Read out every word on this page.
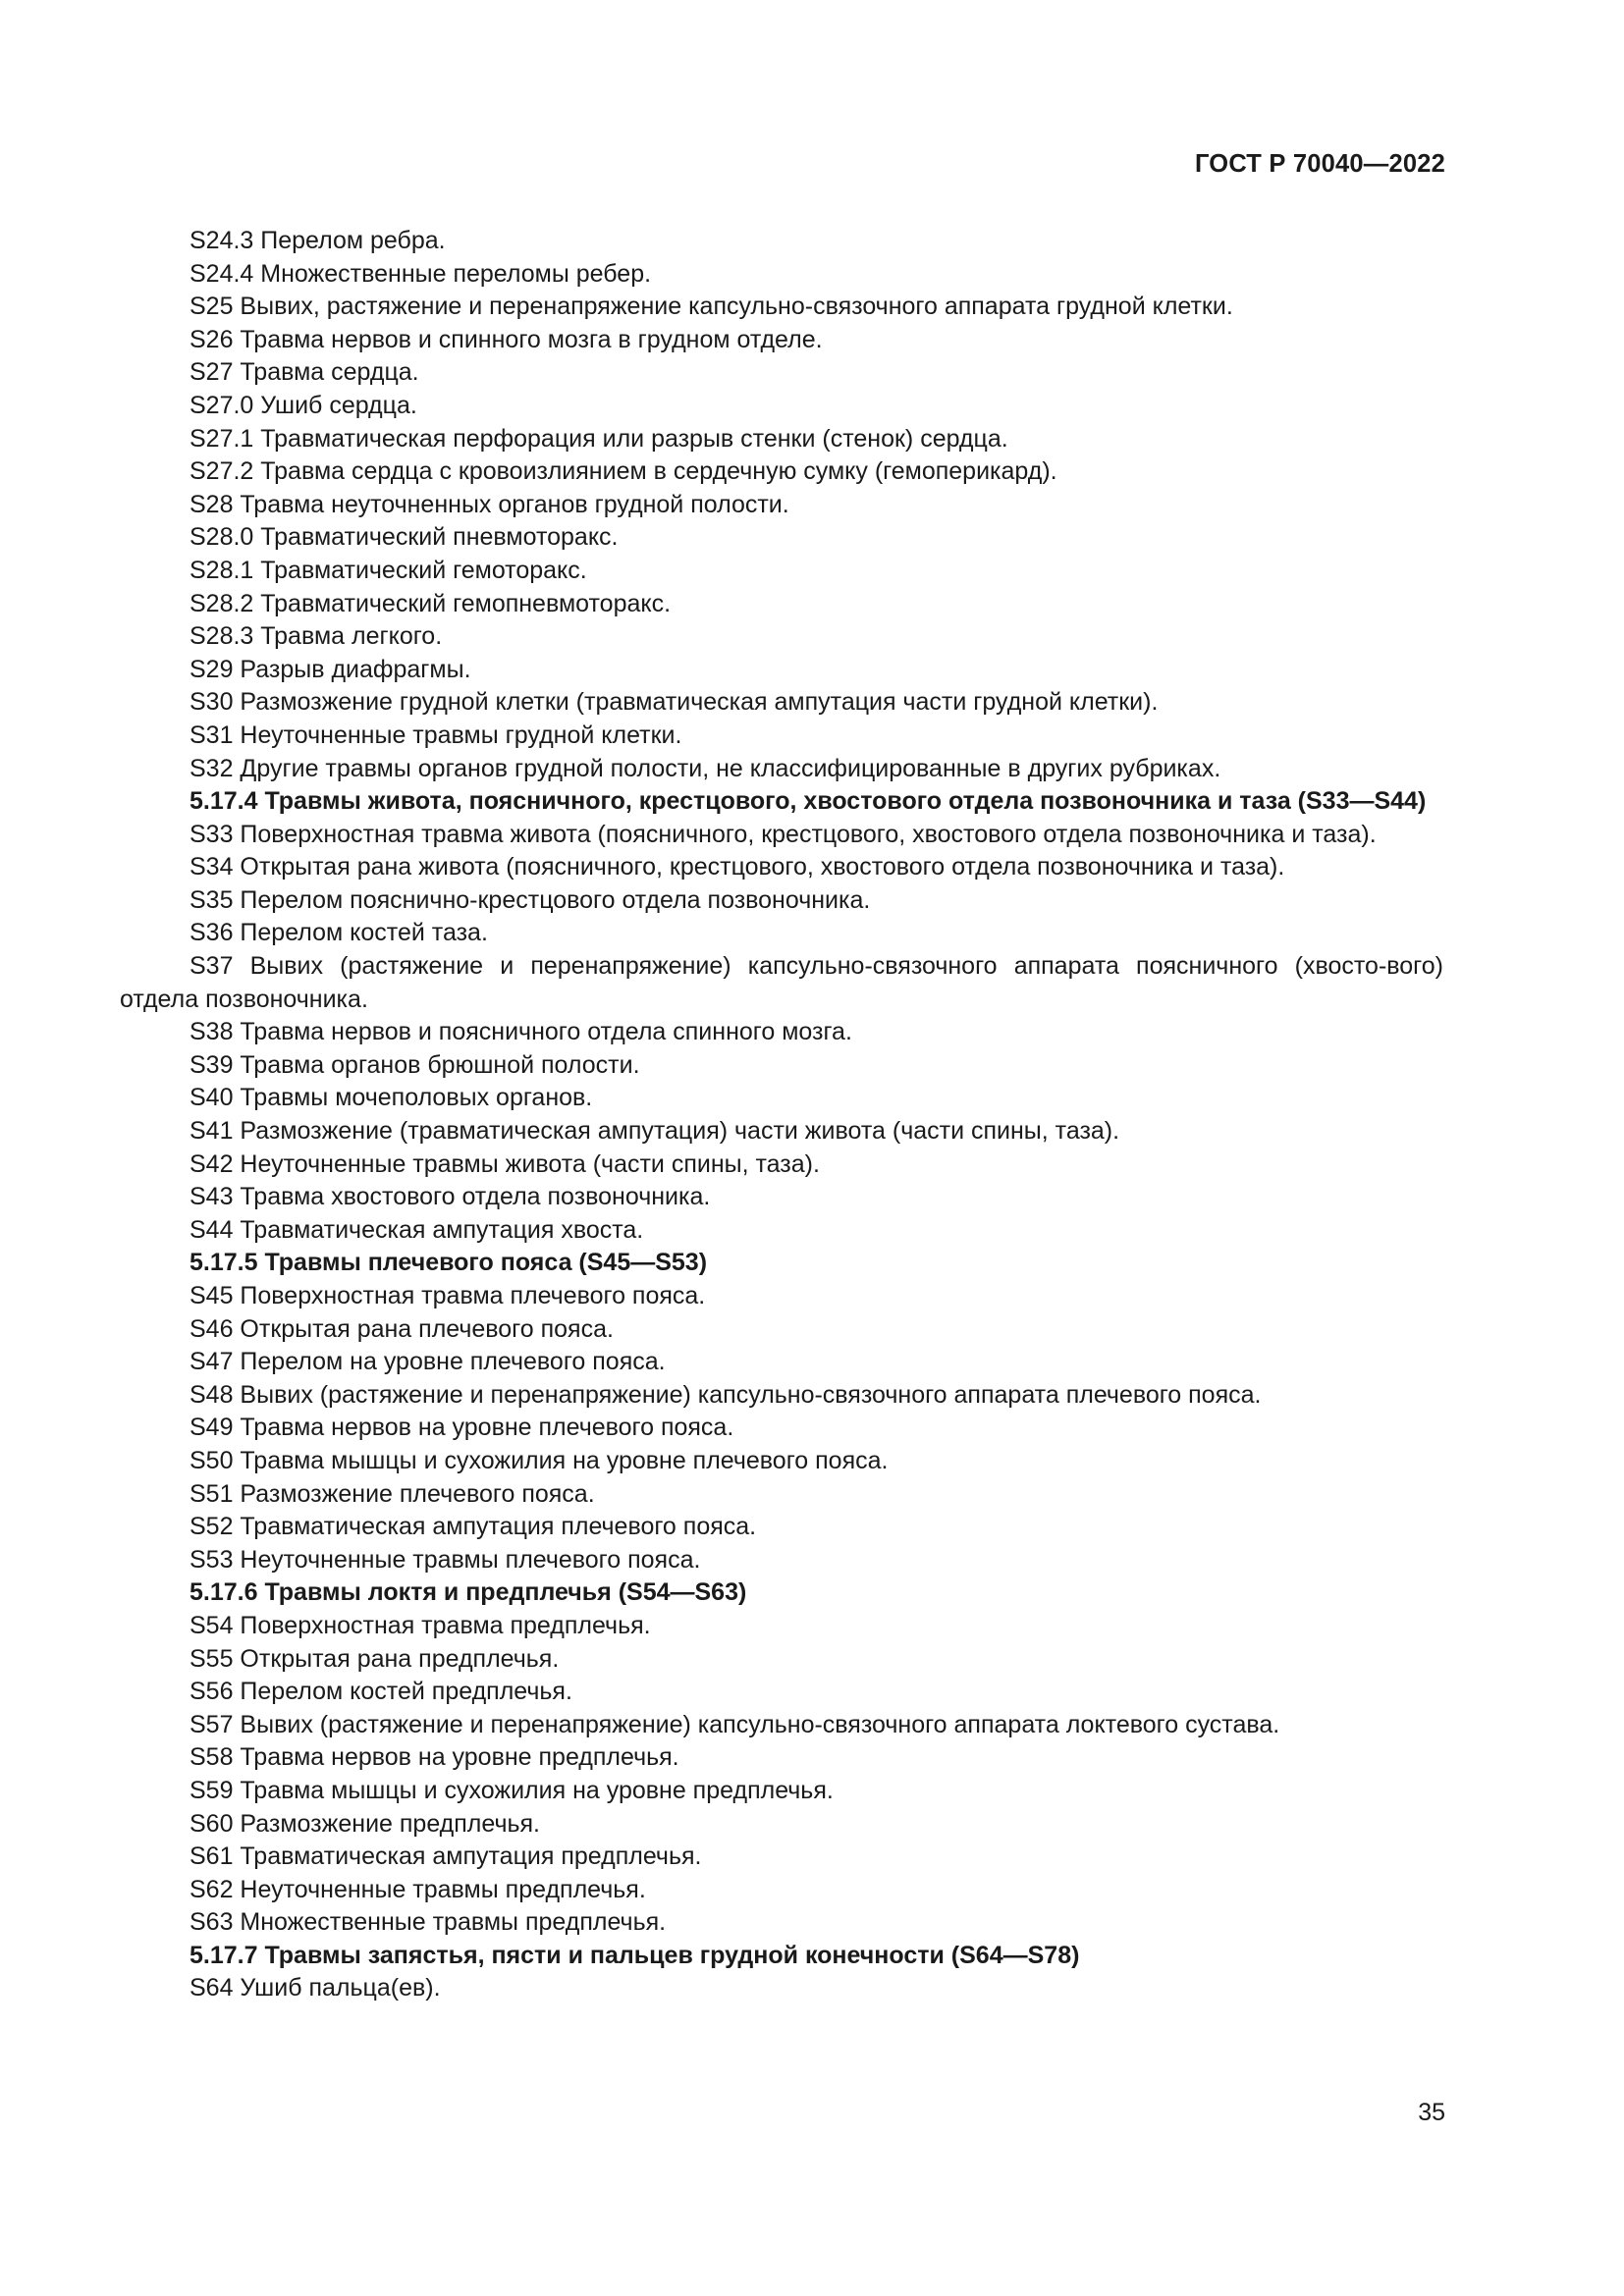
ГОСТ Р 70040—2022

S24.3 Перелом ребра.

S24.4 Множественные переломы ребер.

S25 Вывих, растяжение и перенапряжение капсульно-связочного аппарата грудной клетки.

S26 Травма нервов и спинного мозга в грудном отделе.

S27 Травма сердца.

S27.0 Ушиб сердца.

S27.1 Травматическая перфорация или разрыв стенки (стенок) сердца.

S27.2 Травма сердца с кровоизлиянием в сердечную сумку (гемоперикард).

S28 Травма неуточненных органов грудной полости.

S28.0 Травматический пневмоторакс.

S28.1 Травматический гемоторакс.

S28.2 Травматический гемопневмоторакс.

S28.3 Травма легкого.

S29 Разрыв диафрагмы.

S30 Размозжение грудной клетки (травматическая ампутация части грудной клетки).

S31 Неуточненные травмы грудной клетки.

S32 Другие травмы органов грудной полости, не классифицированные в других рубриках.

5.17.4 Травмы живота, поясничного, крестцового, хвостового отдела позвоночника и таза (S33—S44)

S33 Поверхностная травма живота (поясничного, крестцового, хвостового отдела позвоночника и таза).

S34 Открытая рана живота (поясничного, крестцового, хвостового отдела позвоночника и таза).

S35 Перелом пояснично-крестцового отдела позвоночника.

S36 Перелом костей таза.

S37 Вывих (растяжение и перенапряжение) капсульно-связочного аппарата поясничного (хвосто-вого) отдела позвоночника.

S38 Травма нервов и поясничного отдела спинного мозга.

S39 Травма органов брюшной полости.

S40 Травмы мочеполовых органов.

S41 Размозжение (травматическая ампутация) части живота (части спины, таза).

S42 Неуточненные травмы живота (части спины, таза).

S43 Травма хвостового отдела позвоночника.

S44 Травматическая ампутация хвоста.

5.17.5 Травмы плечевого пояса (S45—S53)

S45 Поверхностная травма плечевого пояса.

S46 Открытая рана плечевого пояса.

S47 Перелом на уровне плечевого пояса.

S48 Вывих (растяжение и перенапряжение) капсульно-связочного аппарата плечевого пояса.

S49 Травма нервов на уровне плечевого пояса.

S50 Травма мышцы и сухожилия на уровне плечевого пояса.

S51 Размозжение плечевого пояса.

S52 Травматическая ампутация плечевого пояса.

S53 Неуточненные травмы плечевого пояса.

5.17.6 Травмы локтя и предплечья (S54—S63)

S54 Поверхностная травма предплечья.

S55 Открытая рана предплечья.

S56 Перелом костей предплечья.

S57 Вывих (растяжение и перенапряжение) капсульно-связочного аппарата локтевого сустава.

S58 Травма нервов на уровне предплечья.

S59 Травма мышцы и сухожилия на уровне предплечья.

S60 Размозжение предплечья.

S61 Травматическая ампутация предплечья.

S62 Неуточненные травмы предплечья.

S63 Множественные травмы предплечья.

5.17.7 Травмы запястья, пясти и пальцев грудной конечности (S64—S78)

S64 Ушиб пальца(ев).

35
